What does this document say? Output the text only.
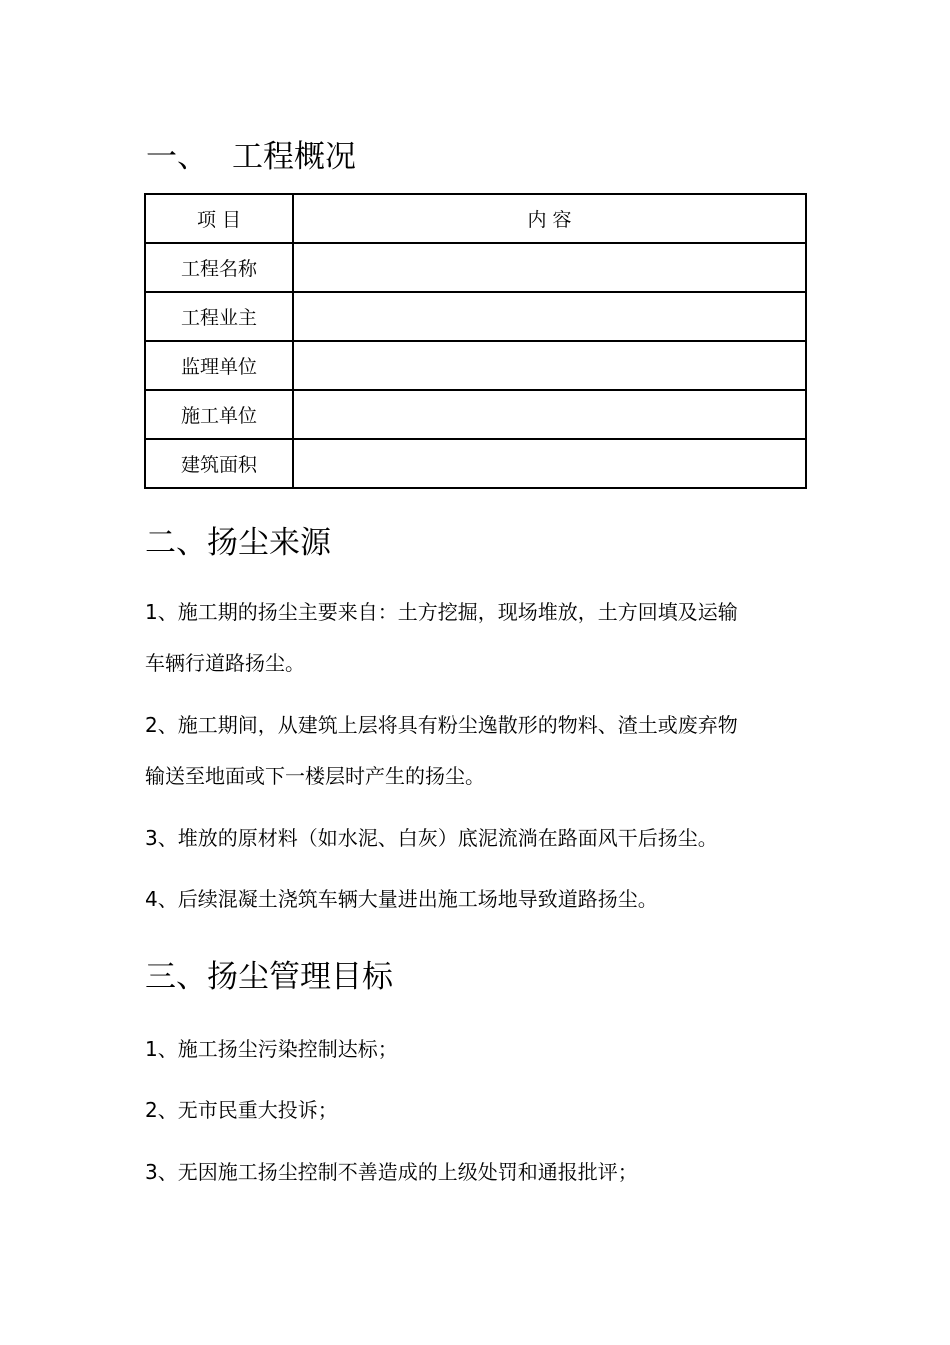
一、 工程概况
项 目	内 容
工程名称	
工程业主	
监理单位	
施工单位	
建筑面积	
二、扬尘来源
1、施工期的扬尘主要来自：土方挖掘，现场堆放，土方回填及运输
车辆行道路扬尘。
2、施工期间，从建筑上层将具有粉尘逸散形的物料、渣土或废弃物
输送至地面或下一楼层时产生的扬尘。
3、堆放的原材料（如水泥、白灰）底泥流淌在路面风干后扬尘。
4、后续混凝土浇筑车辆大量进出施工场地导致道路扬尘。
三、扬尘管理目标
1、施工扬尘污染控制达标；
2、无市民重大投诉；
3、无因施工扬尘控制不善造成的上级处罚和通报批评；
